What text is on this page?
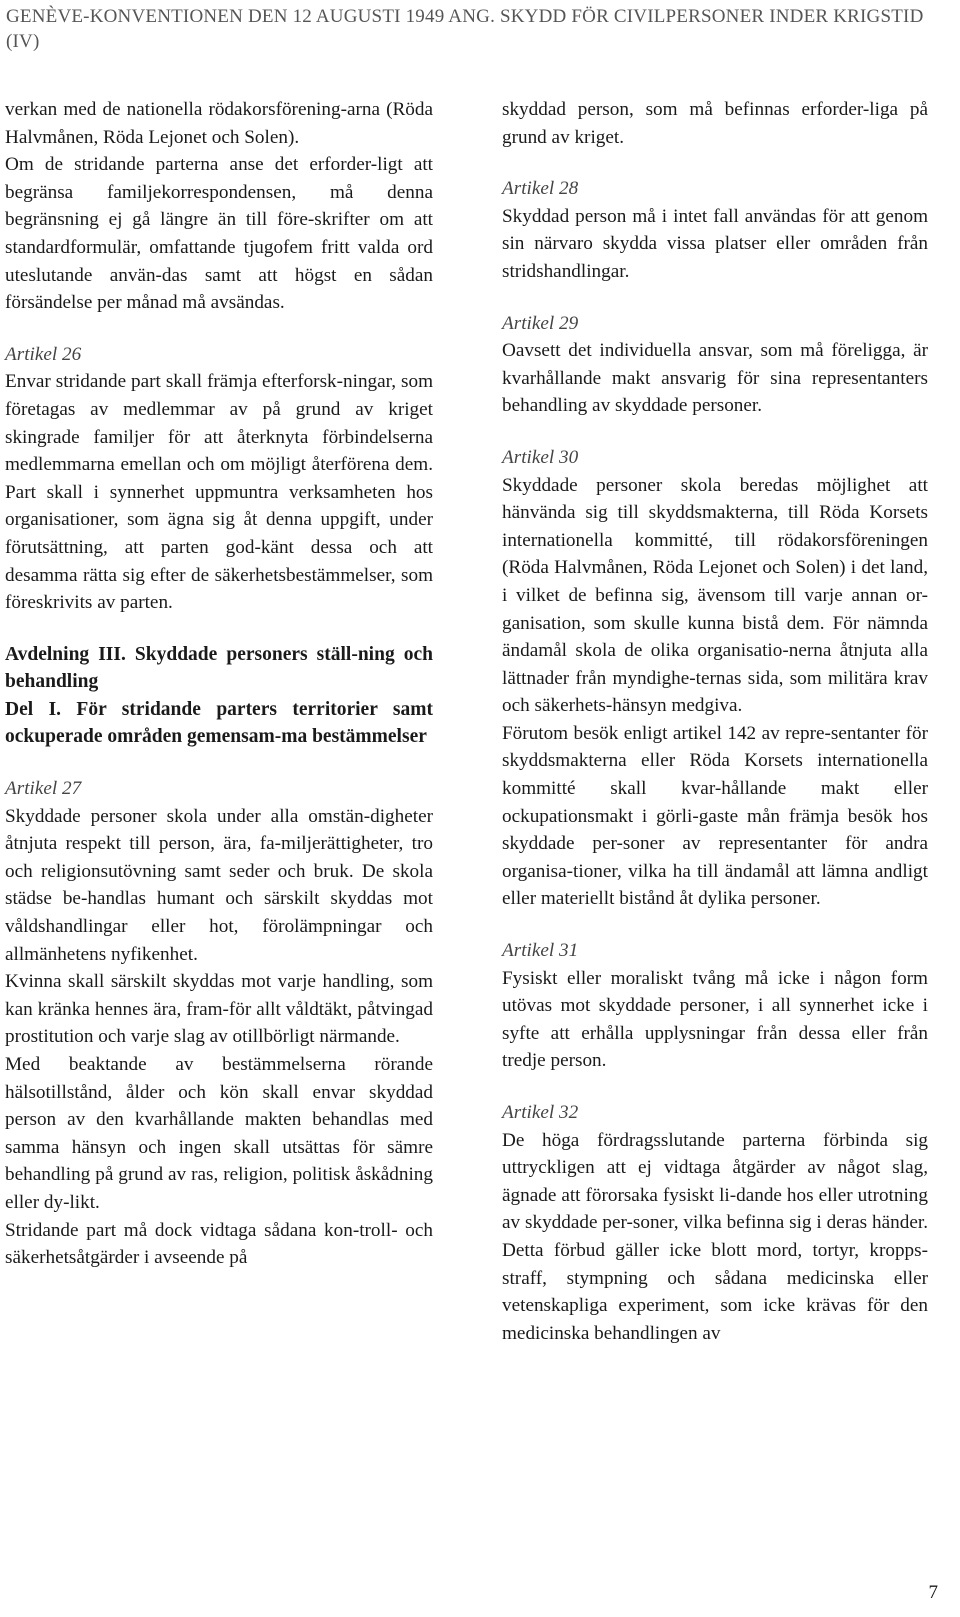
GENÈVE-KONVENTIONEN DEN 12 AUGUSTI 1949 ANG. SKYDD FÖR CIVILPERSONER INDER KRIGSTID (IV)

verkan med de nationella rödakorsförening-arna (Röda Halvmånen, Röda Lejonet och Solen).

Om de stridande parterna anse det erforder-ligt att begränsa familjekorrespondensen, må denna begränsning ej gå längre än till före-skrifter om att standardformulär, omfattande tjugofem fritt valda ord uteslutande använ-das samt att högst en sådan försändelse per månad må avsändas.

Artikel 26

Envar stridande part skall främja efterforsk-ningar, som företagas av medlemmar av på grund av kriget skingrade familjer för att återknyta förbindelserna medlemmarna emellan och om möjligt återförena dem. Part skall i synnerhet uppmuntra verksamheten hos organisationer, som ägna sig åt denna uppgift, under förutsättning, att parten god-känt dessa och att desamma rätta sig efter de säkerhetsbestämmelser, som föreskrivits av parten.

Avdelning III. Skyddade personers ställ-ning och behandling

Del I. För stridande parters territorier samt ockuperade områden gemensam-ma bestämmelser

Artikel 27

Skyddade personer skola under alla omstän-digheter åtnjuta respekt till person, ära, fa-miljerättigheter, tro och religionsutövning samt seder och bruk. De skola städse be-handlas humant och särskilt skyddas mot våldshandlingar eller hot, förolämpningar och allmänhetens nyfikenhet.

Kvinna skall särskilt skyddas mot varje handling, som kan kränka hennes ära, fram-för allt våldtäkt, påtvingad prostitution och varje slag av otillbörligt närmande.

Med beaktande av bestämmelserna rörande hälsotillstånd, ålder och kön skall envar skyddad person av den kvarhållande makten behandlas med samma hänsyn och ingen skall utsättas för sämre behandling på grund av ras, religion, politisk åskådning eller dy-likt.

Stridande part må dock vidtaga sådana kon-troll- och säkerhetsåtgärder i avseende på

skyddad person, som må befinnas erforder-liga på grund av kriget.

Artikel 28

Skyddad person må i intet fall användas för att genom sin närvaro skydda vissa platser eller områden från stridshandlingar.

Artikel 29

Oavsett det individuella ansvar, som må föreligga, är kvarhållande makt ansvarig för sina representanters behandling av skyddade personer.

Artikel 30

Skyddade personer skola beredas möjlighet att hänvända sig till skyddsmakterna, till Röda Korsets internationella kommitté, till rödakorsföreningen (Röda Halvmånen, Röda Lejonet och Solen) i det land, i vilket de befinna sig, ävensom till varje annan or-ganisation, som skulle kunna bistå dem. För nämnda ändamål skola de olika organisatio-nerna åtnjuta alla lättnader från myndighe-ternas sida, som militära krav och säkerhets-hänsyn medgiva.

Förutom besök enligt artikel 142 av repre-sentanter för skyddsmakterna eller Röda Korsets internationella kommitté skall kvar-hållande makt eller ockupationsmakt i görli-gaste mån främja besök hos skyddade per-soner av representanter för andra organisa-tioner, vilka ha till ändamål att lämna andligt eller materiellt bistånd åt dylika personer.

Artikel 31

Fysiskt eller moraliskt tvång må icke i någon form utövas mot skyddade personer, i all synnerhet icke i syfte att erhålla upplysningar från dessa eller från tredje person.

Artikel 32

De höga fördragsslutande parterna förbinda sig uttryckligen att ej vidtaga åtgärder av något slag, ägnade att förorsaka fysiskt li-dande hos eller utrotning av skyddade per-soner, vilka befinna sig i deras händer. Detta förbud gäller icke blott mord, tortyr, kropps-straff, stympning och sådana medicinska eller vetenskapliga experiment, som icke krävas för den medicinska behandlingen av

7
